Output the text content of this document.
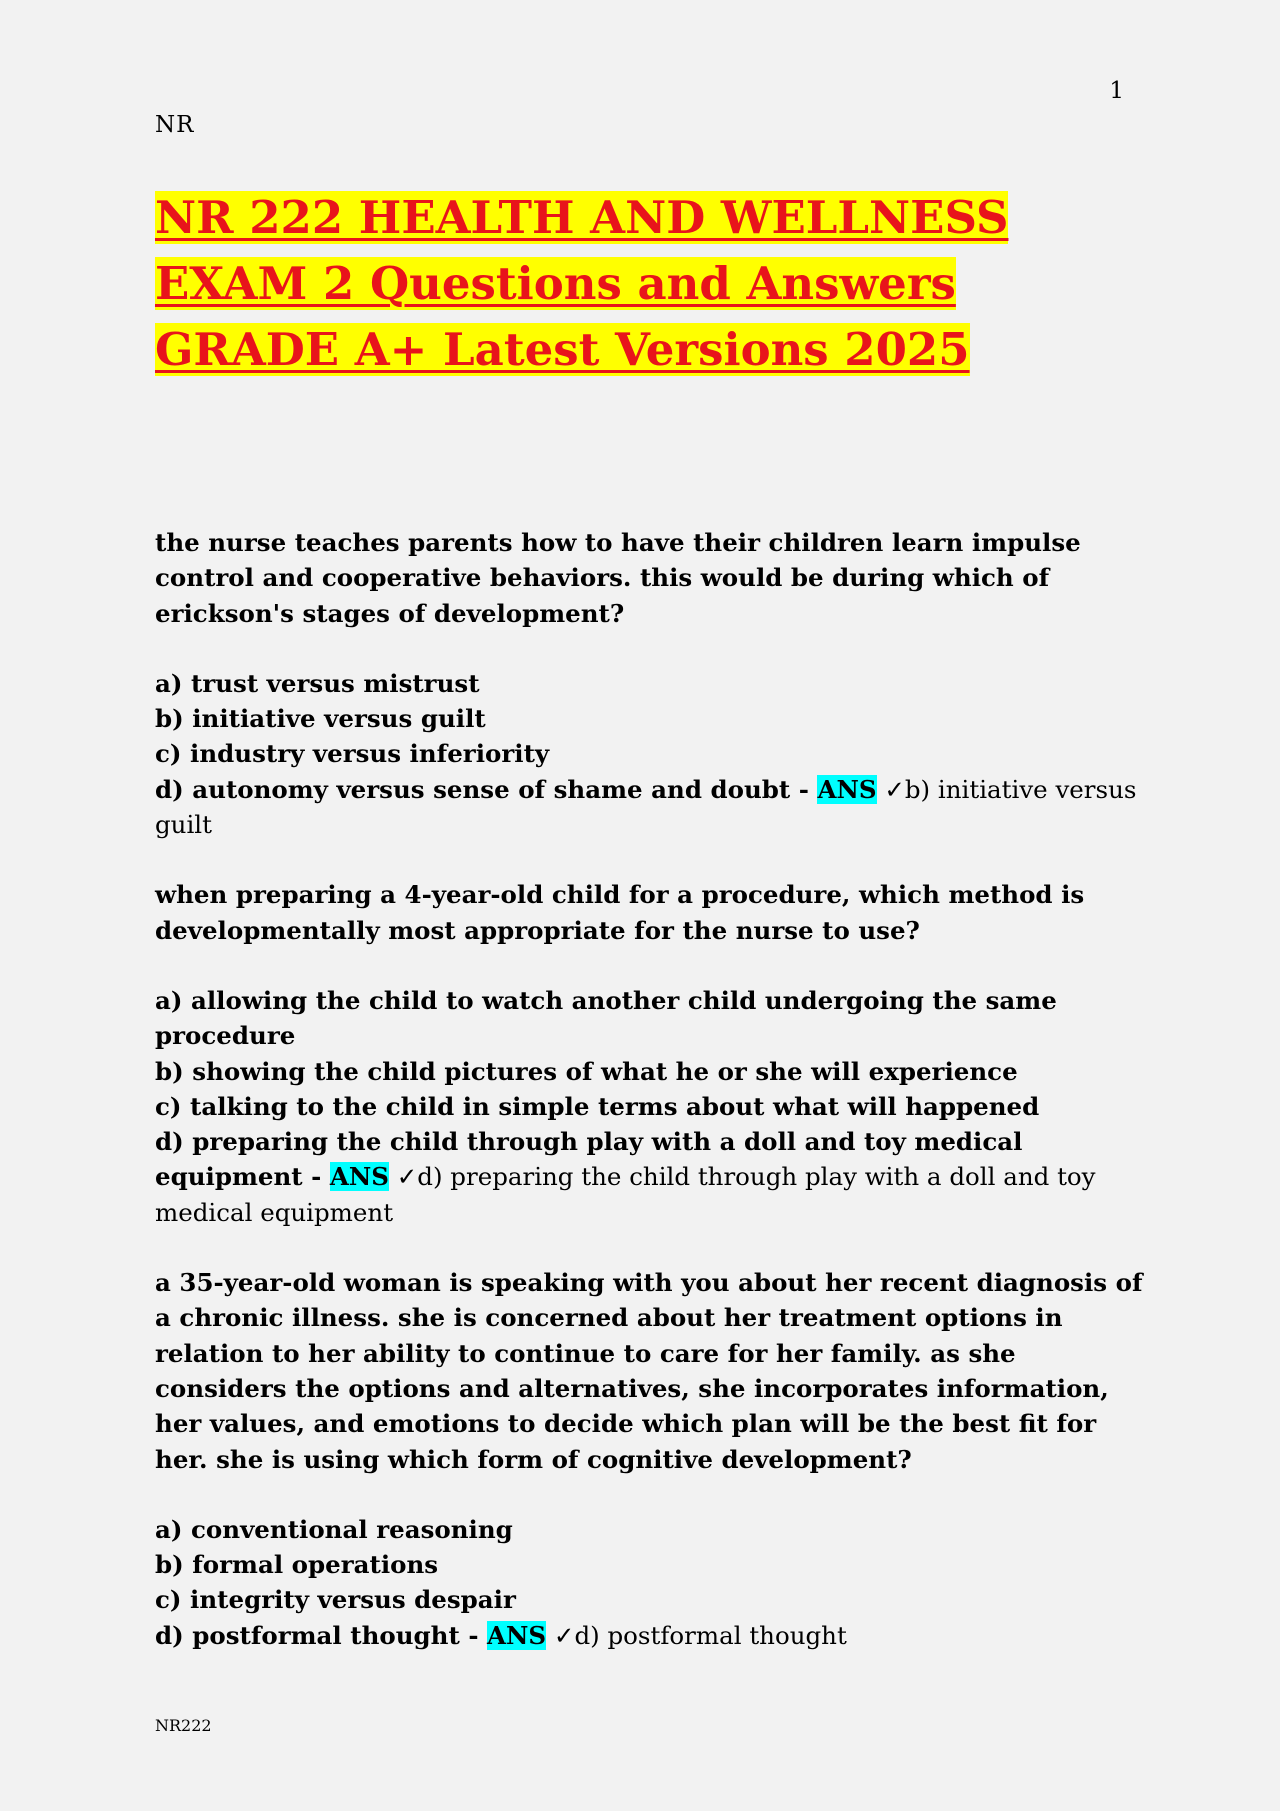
1
NR
NR 222 HEALTH AND WELLNESS EXAM 2 Questions and Answers GRADE A+ Latest Versions 2025

the nurse teaches parents how to have their children learn impulse control and cooperative behaviors. this would be during which of erickson's stages of development?

a) trust versus mistrust
b) initiative versus guilt
c) industry versus inferiority
d) autonomy versus sense of shame and doubt - ANS ✓b) initiative versus guilt

when preparing a 4-year-old child for a procedure, which method is developmentally most appropriate for the nurse to use?

a) allowing the child to watch another child undergoing the same procedure
b) showing the child pictures of what he or she will experience
c) talking to the child in simple terms about what will happened
d) preparing the child through play with a doll and toy medical equipment - ANS ✓d) preparing the child through play with a doll and toy medical equipment

a 35-year-old woman is speaking with you about her recent diagnosis of a chronic illness. she is concerned about her treatment options in relation to her ability to continue to care for her family. as she considers the options and alternatives, she incorporates information, her values, and emotions to decide which plan will be the best fit for her. she is using which form of cognitive development?

a) conventional reasoning
b) formal operations
c) integrity versus despair
d) postformal thought - ANS ✓d) postformal thought
NR222
